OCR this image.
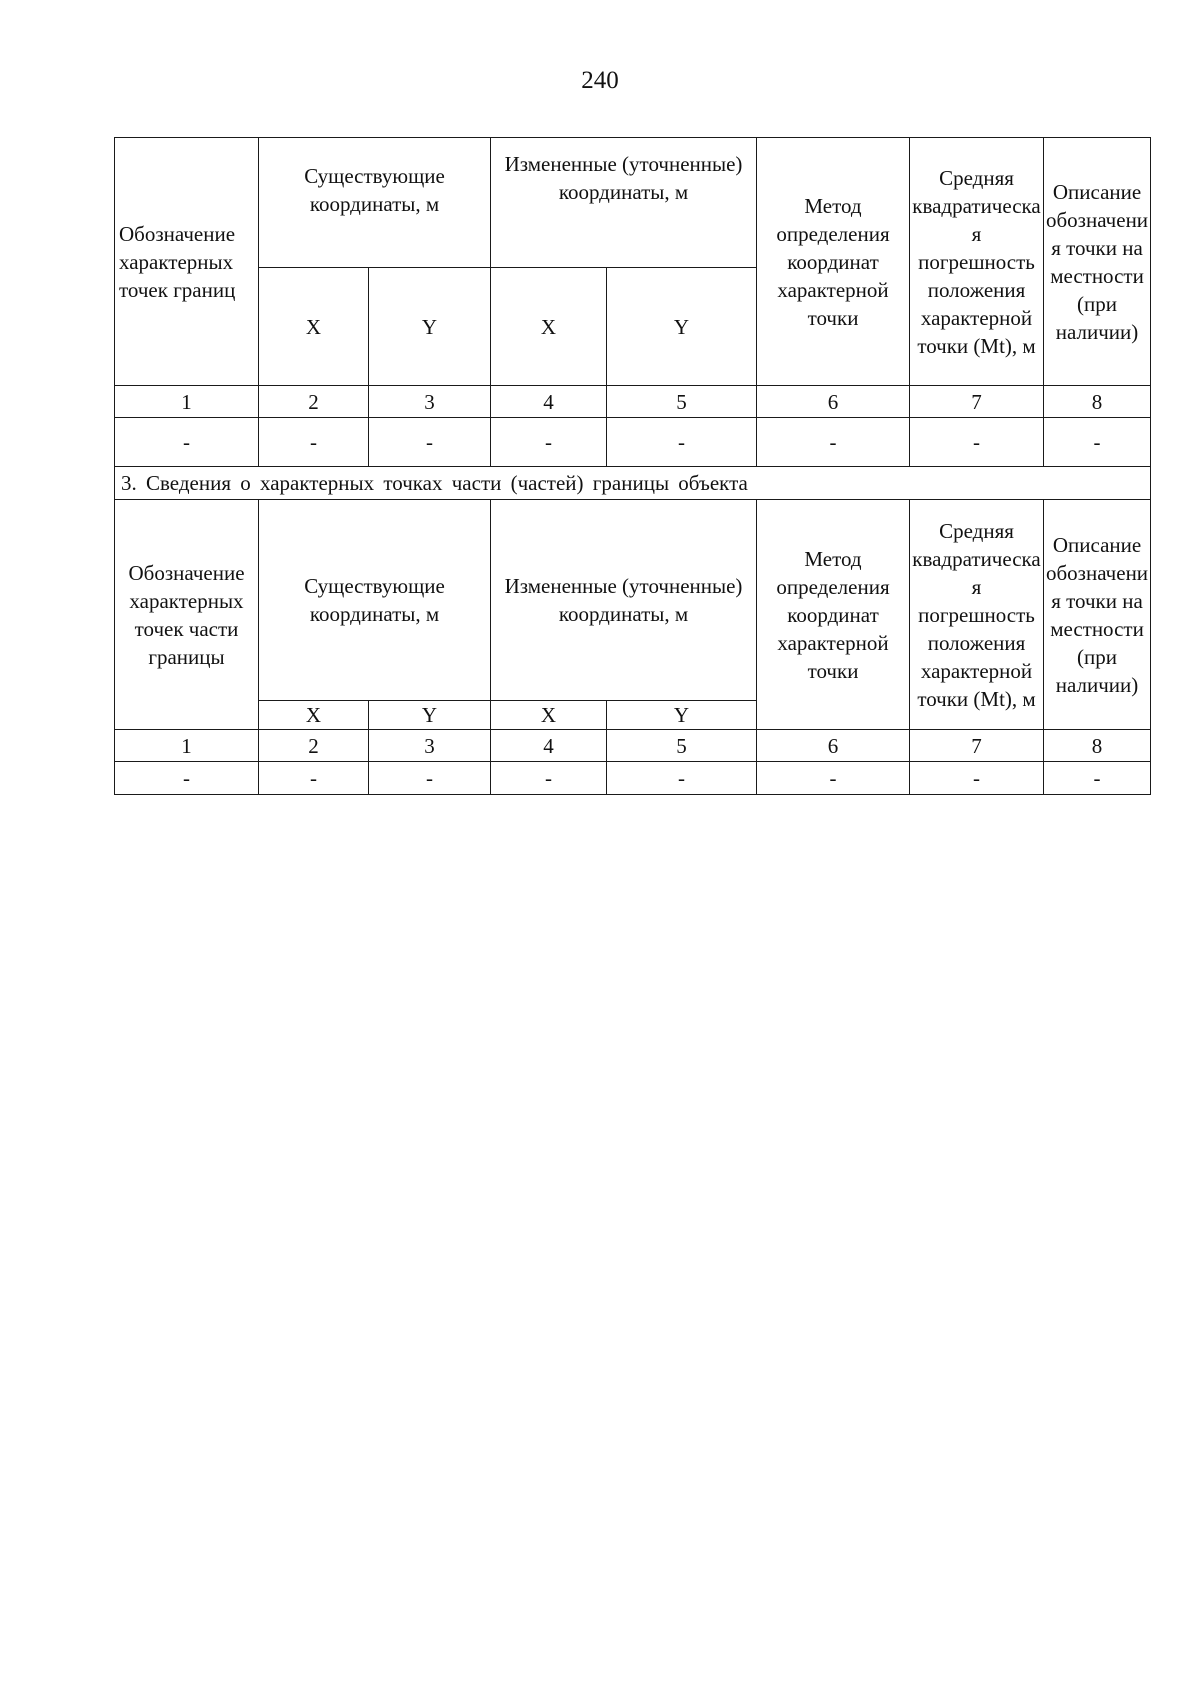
240
Обозначение характерных точек границ	Существующие координаты, м		Измененные (уточненные) координаты, м		Метод определения координат характерной точки	Средняя квадратическая погрешность положения характерной точки (Mt), м	Описание обозначения точки на местности (при наличии)
	X	Y	X	Y			
1	2	3	4	5	6	7	8
-	-	-	-	-	-	-	-
3. Сведения о характерных точках части (частей) границы объекта							
Обозначение характерных точек части границы	Существующие координаты, м		Измененные (уточненные) координаты, м		Метод определения координат характерной точки	Средняя квадратическая погрешность положения характерной точки (Mt), м	Описание обозначения точки на местности (при наличии)
	X	Y	X	Y			
1	2	3	4	5	6	7	8
-	-	-	-	-	-	-	-
